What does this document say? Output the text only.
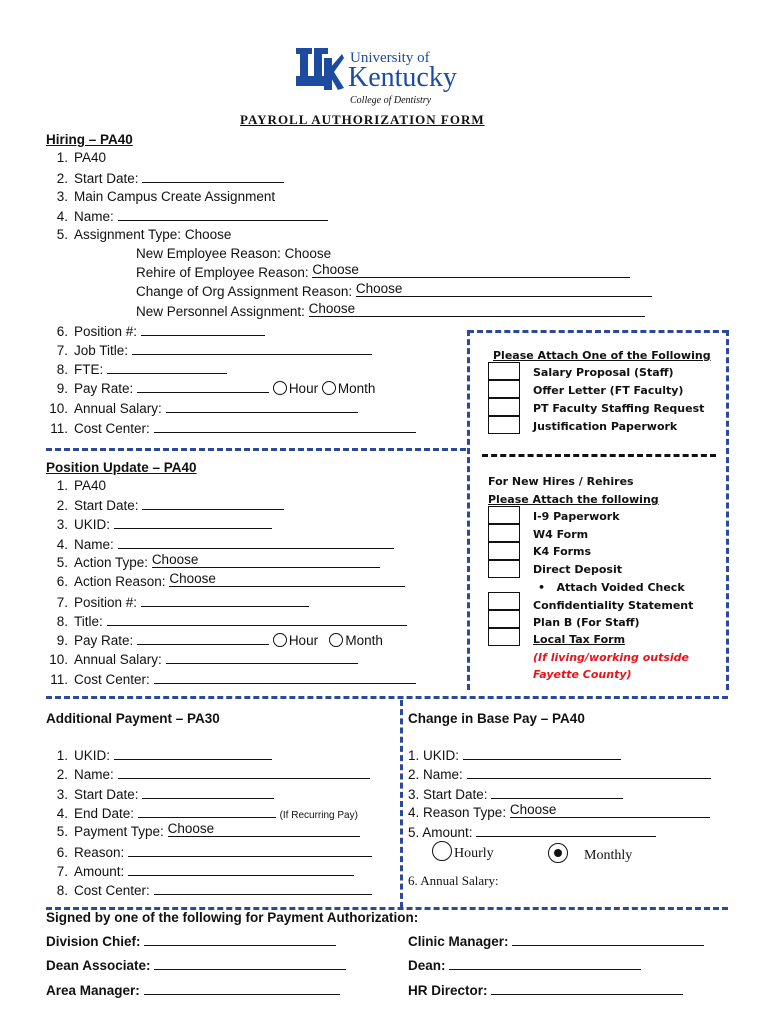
University of
Kentucky
College of Dentistry
PAYROLL AUTHORIZATION FORM
Hiring – PA40
1. PA40
2. Start Date:
3. Main Campus Create Assignment
4. Name:
5. Assignment Type: Choose
New Employee Reason: Choose
Rehire of Employee Reason: Choose
Change of Org Assignment Reason: Choose
New Personnel Assignment: Choose
6. Position #:
7. Job Title:
8. FTE:
9. Pay Rate:	Hour Month
10. Annual Salary:
11. Cost Center:
Please Attach One of the Following
Salary Proposal (Staff)
Offer Letter (FT Faculty)
PT Faculty Staffing Request
Justification Paperwork
For New Hires / Rehires
Please Attach the following
I-9 Paperwork
W4 Form
K4 Forms
Direct Deposit
•   Attach Voided Check
Confidentiality Statement
Plan B (For Staff)
Local Tax Form
(If living/working outside Fayette County)
Position Update – PA40
1. PA40
2. Start Date:
3. UKID:
4. Name:
5. Action Type: Choose
6. Action Reason: Choose
7. Position #:
8. Title:
9. Pay Rate:	Hour Month
10. Annual Salary:
11. Cost Center:
Additional Payment – PA30
1. UKID:
2. Name:
3. Start Date:
4. End Date:	(If Recurring Pay)
5. Payment Type: Choose
6. Reason:
7. Amount:
8. Cost Center:
Change in Base Pay – PA40
1. UKID:
2. Name:
3. Start Date:
4. Reason Type: Choose
5. Amount:
Hourly	Monthly
6. Annual Salary:
Signed by one of the following for Payment Authorization:
Division Chief:
Dean Associate:
Area Manager:
Clinic Manager:
Dean:
HR Director:
